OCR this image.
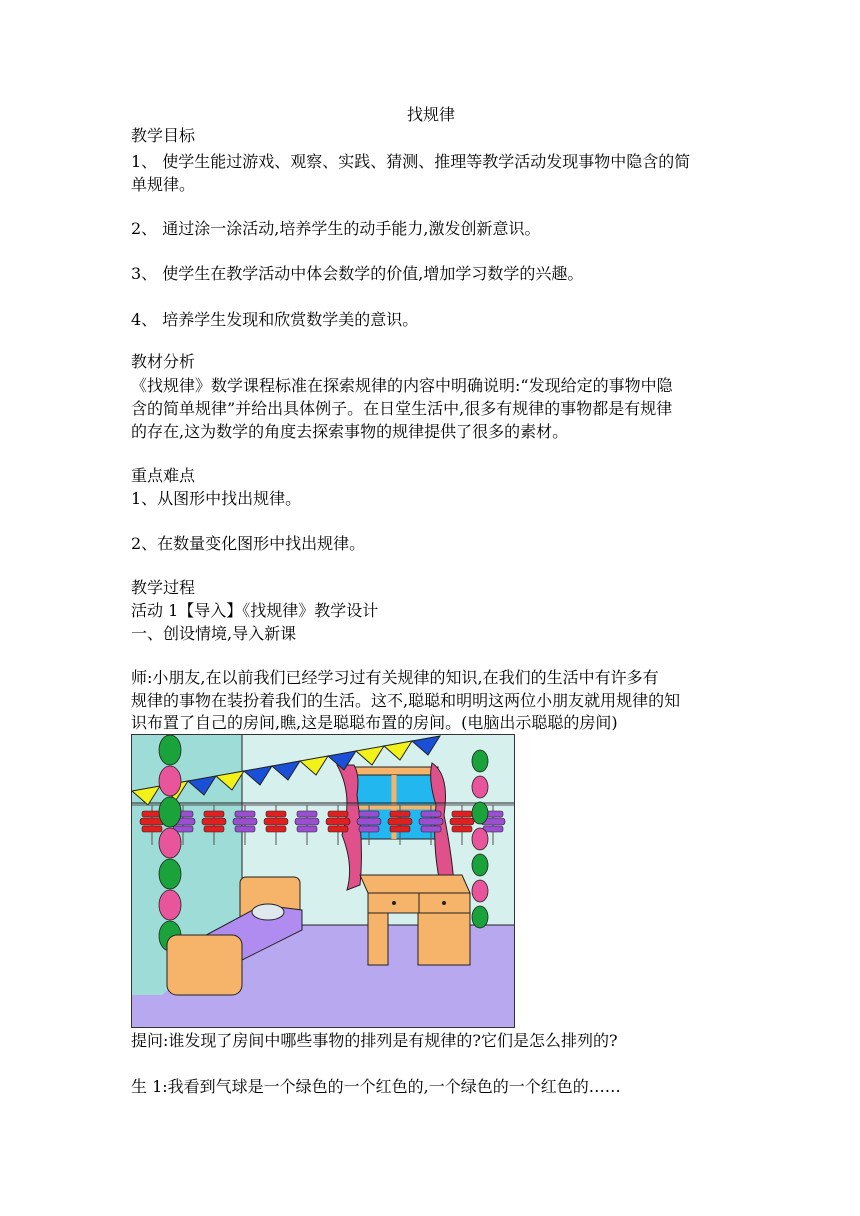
找规律
教学目标
1、 使学生能过游戏、观察、实践、猜测、推理等教学活动发现事物中隐含的简
单规律。
2、 通过涂一涂活动,培养学生的动手能力,激发创新意识。
3、 使学生在教学活动中体会数学的价值,增加学习数学的兴趣。
4、 培养学生发现和欣赏数学美的意识。
教材分析
《找规律》数学课程标准在探索规律的内容中明确说明:“发现给定的事物中隐
含的简单规律”并给出具体例子。在日堂生活中,很多有规律的事物都是有规律
的存在,这为数学的角度去探索事物的规律提供了很多的素材。
重点难点
1、从图形中找出规律。
2、在数量变化图形中找出规律。
教学过程
活动 1【导入】《找规律》教学设计
一、创设情境,导入新课
师:小朋友,在以前我们已经学习过有关规律的知识,在我们的生活中有许多有
规律的事物在装扮着我们的生活。这不,聪聪和明明这两位小朋友就用规律的知
识布置了自己的房间,瞧,这是聪聪布置的房间。(电脑出示聪聪的房间)
提问:谁发现了房间中哪些事物的排列是有规律的?它们是怎么排列的?
生 1:我看到气球是一个绿色的一个红色的,一个绿色的一个红色的……
